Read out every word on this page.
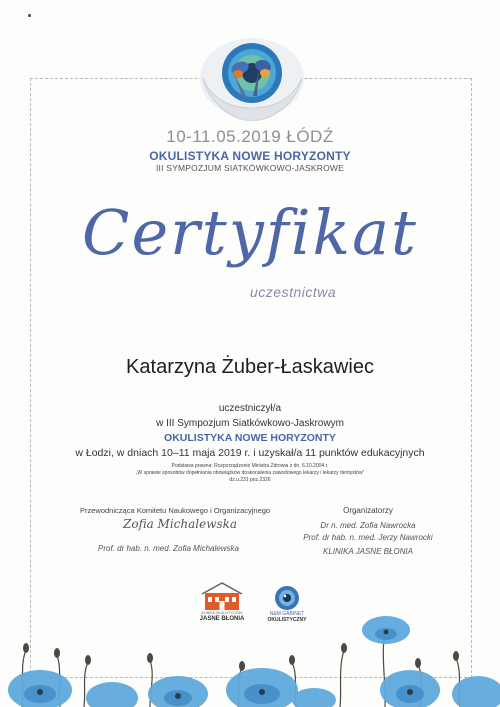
10-11.05.2019 ŁÓDŹ
OKULISTYKA NOWE HORYZONTY
III SYMPOZJUM SIATKÓWKOWO-JASKROWE
Certyfikat
uczestnictwa
Katarzyna Żuber-Łaskawiec
uczestniczył/a
w III Sympozjum Siatkówkowo-Jaskrowym
OKULISTYKA NOWE HORYZONTY
w Łodzi, w dniach 10–11 maja 2019 r. i uzyskał/a 11 punktów edukacyjnych
Podstawa prawna: Rozporządzenie Ministra Zdrowia z dn. 6.10.2004 r.
„W sprawie sposobów dopełniania obowiązków doskonalenia zawodowego lekarzy i lekarzy dentystów”
dz.u.231 poz.2326
Przewodnicząca Komitetu Naukowego i Organizacyjnego
Zofia Michalewska
Prof. dr hab. n. med. Zofia Michalewska
Organizatorzy
Dr n. med. Zofia Nawrocka
Prof. dr hab. n. med. Jerzy Nawrocki
KLINIKA JASNE BŁONIA
KLINIKA OKULISTYCZNA
JASNE BŁONIA
N&M GABINET
OKULISTYCZNY
